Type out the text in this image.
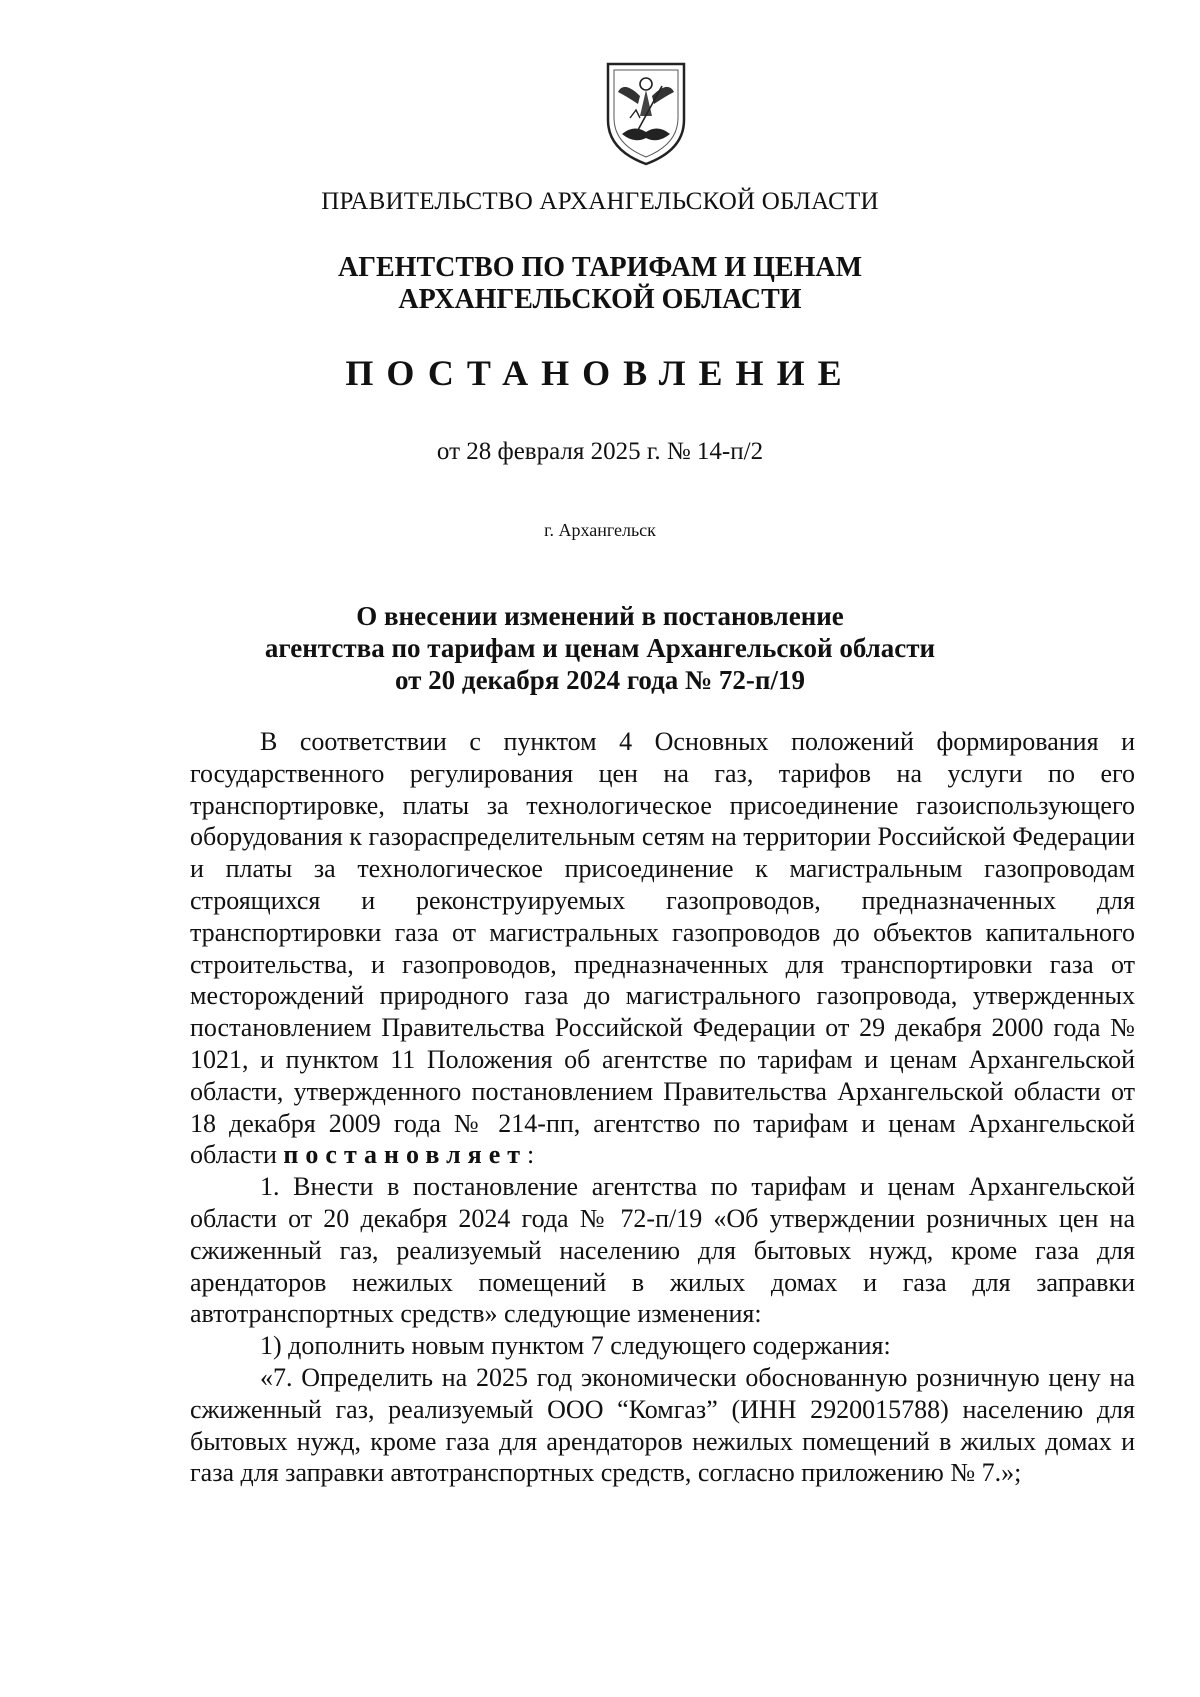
ПРАВИТЕЛЬСТВО АРХАНГЕЛЬСКОЙ ОБЛАСТИ
АГЕНТСТВО ПО ТАРИФАМ И ЦЕНАМ
АРХАНГЕЛЬСКОЙ ОБЛАСТИ
ПОСТАНОВЛЕНИЕ
от 28 февраля 2025 г. № 14-п/2
г. Архангельск
О внесении изменений в постановление
агентства по тарифам и ценам Архангельской области
от 20 декабря 2024 года № 72-п/19

В соответствии с пунктом 4 Основных положений формирования и государственного регулирования цен на газ, тарифов на услуги по его транспортировке, платы за технологическое присоединение газоиспользующего оборудования к газораспределительным сетям на территории Российской Федерации и платы за технологическое присоединение к магистральным газопроводам строящихся и реконструируемых газопроводов, предназначенных для транспортировки газа от магистральных газопроводов до объектов капитального строительства, и газопроводов, предназначенных для транспортировки газа от месторождений природного газа до магистрального газопровода, утвержденных постановлением Правительства Российской Федерации от 29 декабря 2000 года № 1021, и пунктом 11 Положения об агентстве по тарифам и ценам Архангельской области, утвержденного постановлением Правительства Архангельской области от 18 декабря 2009 года № 214-пп, агентство по тарифам и ценам Архангельской области постановляет:

1. Внести в постановление агентства по тарифам и ценам Архангельской области от 20 декабря 2024 года № 72-п/19 «Об утверждении розничных цен на сжиженный газ, реализуемый населению для бытовых нужд, кроме газа для арендаторов нежилых помещений в жилых домах и газа для заправки автотранспортных средств» следующие изменения:

1) дополнить новым пунктом 7 следующего содержания:

«7. Определить на 2025 год экономически обоснованную розничную цену на сжиженный газ, реализуемый ООО “Комгаз” (ИНН 2920015788) населению для бытовых нужд, кроме газа для арендаторов нежилых помещений в жилых домах и газа для заправки автотранспортных средств, согласно приложению № 7.»;
